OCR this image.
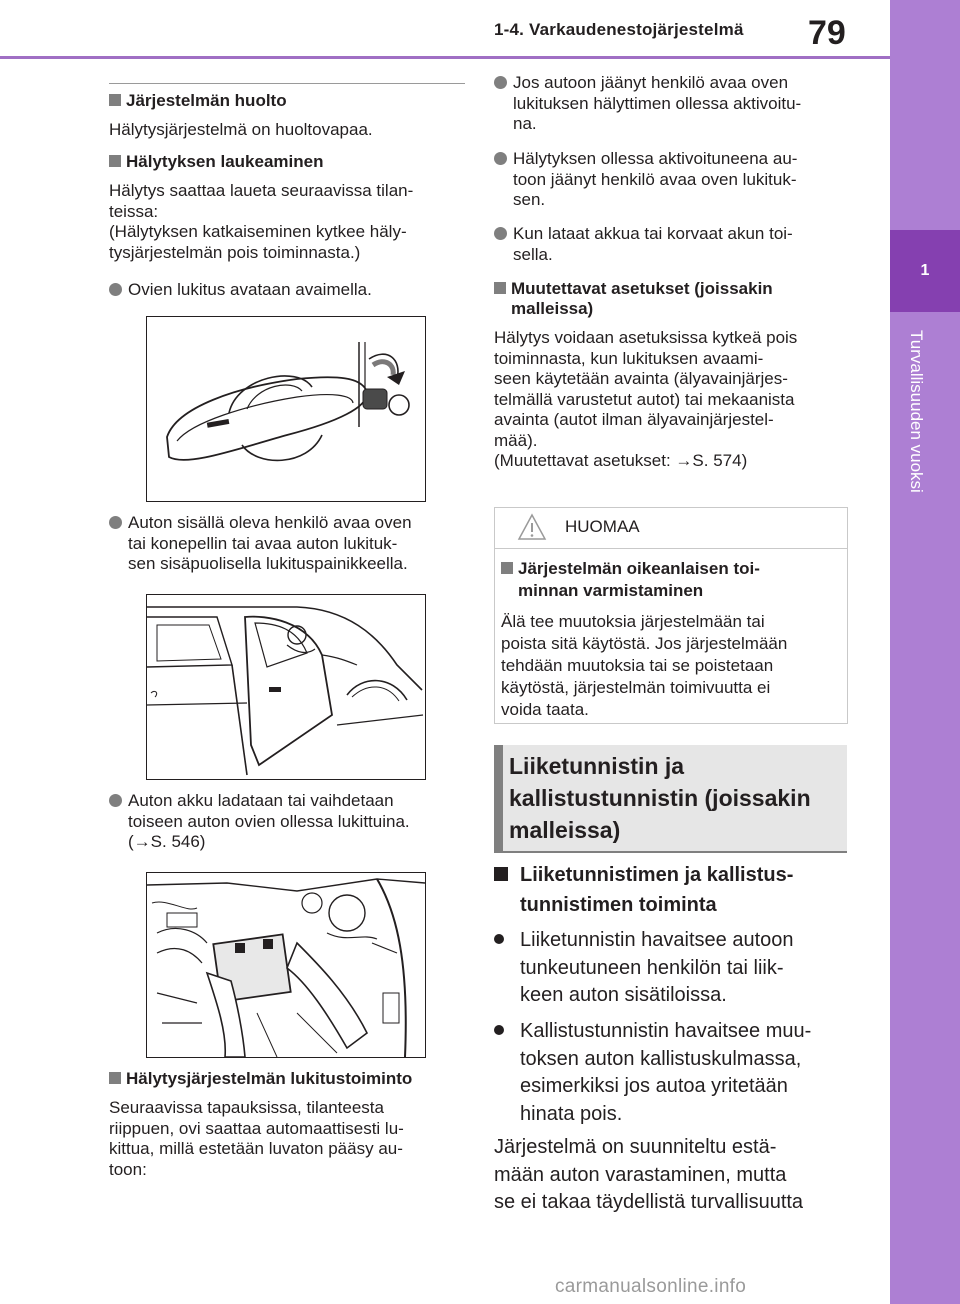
1-4. Varkaudenestojärjestelmä 79
1
Turvallisuuden vuoksi
Järjestelmän huolto
Hälytysjärjestelmä on huoltovapaa.
Hälytyksen laukeaminen
Hälytys saattaa laueta seuraavissa tilan-
teissa:
(Hälytyksen katkaiseminen kytkee häly-
tysjärjestelmän pois toiminnasta.)
Ovien lukitus avataan avaimella.
Auton sisällä oleva henkilö avaa oven
tai konepellin tai avaa auton lukituk-
sen sisäpuolisella lukituspainikkeella.
Auton akku ladataan tai vaihdetaan
toiseen auton ovien ollessa lukittuina.
(→S. 546)
Hälytysjärjestelmän lukitustoiminto
Seuraavissa tapauksissa, tilanteesta
riippuen, ovi saattaa automaattisesti lu-
kittua, millä estetään luvaton pääsy au-
toon:
Jos autoon jäänyt henkilö avaa oven
lukituksen hälyttimen ollessa aktivoitu-
na.
Hälytyksen ollessa aktivoituneena au-
toon jäänyt henkilö avaa oven lukituk-
sen.
Kun lataat akkua tai korvaat akun toi-
sella.
Muutettavat asetukset (joissakin
malleissa)
Hälytys voidaan asetuksissa kytkeä pois
toiminnasta, kun lukituksen avaami-
seen käytetään avainta (älyavainjärjes-
telmällä varustetut autot) tai mekaanista
avainta (autot ilman älyavainjärjestel-
mää).
(Muutettavat asetukset: →S. 574)
HUOMAA
Järjestelmän oikeanlaisen toi-
minnan varmistaminen
Älä tee muutoksia järjestelmään tai
poista sitä käytöstä. Jos järjestelmään
tehdään muutoksia tai se poistetaan
käytöstä, järjestelmän toimivuutta ei
voida taata.
Liiketunnistin ja
kallistustunnistin (joissakin
malleissa)
Liiketunnistimen ja kallistus-
tunnistimen toiminta
Liiketunnistin havaitsee autoon
tunkeutuneen henkilön tai liik-
keen auton sisätiloissa.
Kallistustunnistin havaitsee muu-
toksen auton kallistuskulmassa,
esimerkiksi jos autoa yritetään
hinata pois.
Järjestelmä on suunniteltu estä-
mään auton varastaminen, mutta
se ei takaa täydellistä turvallisuutta
carmanualsonline.info
